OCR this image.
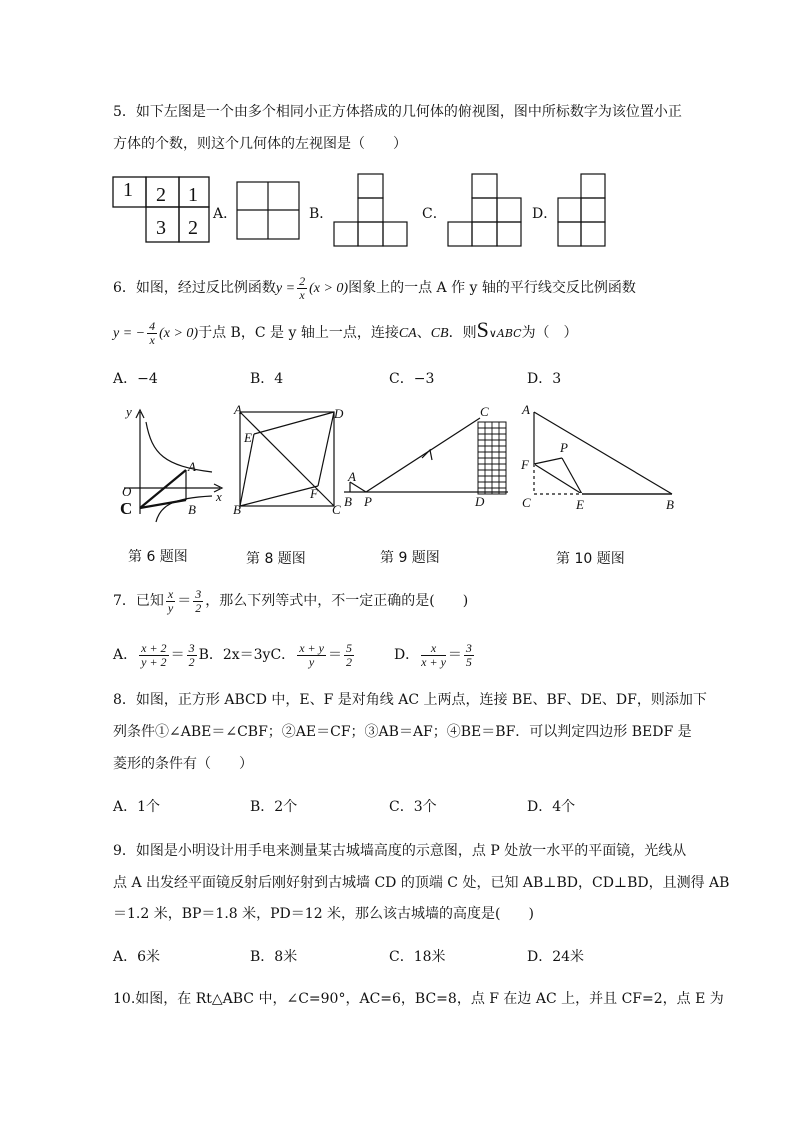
5．如下左图是一个由多个相同小正方体搭成的几何体的俯视图，图中所标数字为该位置小正
方体的个数，则这个几何体的左视图是（　　）
1 2 1
3 2
A．	B．	C．	D．
6．如图，经过反比例函数$y = \frac{2}{x} (x > 0)$图象上的一点 A 作 y 轴的平行线交反比例函数
y = − $\frac{4}{x} (x > 0)$于点 B，C 是 y 轴上一点，连接CA、CB．则S∨ABC为（　）
A．−4	B．4	C．−3	D．3
y
x
O
A
B
C
A	D
E
F
B	C
C
A
B P	D
A
P
F
C	E	B
第 6 题图	第 8 题图	第 9 题图	第 10 题图
7．已知 $\frac{x}{y} = \frac{3}{2}$ ，那么下列等式中，不一定正确的是(　　)
A． $\frac{x + 2}{y + 2} = \frac{3}{2}$ B．2x＝3yC． $\frac{x + y}{y} = \frac{5}{2}$	D． $\frac{x}{x + y} = \frac{3}{5}$
8．如图，正方形 ABCD 中，E、F 是对角线 AC 上两点，连接 BE、BF、DE、DF，则添加下
列条件①∠ABE＝∠CBF；②AE＝CF；③AB＝AF；④BE＝BF．可以判定四边形 BEDF 是
菱形的条件有（　　）
A．1个	B．2个	C．3个	D．4个
9．如图是小明设计用手电来测量某古城墙高度的示意图，点 P 处放一水平的平面镜，光线从
点 A 出发经平面镜反射后刚好射到古城墙 CD 的顶端 C 处，已知 AB⊥BD，CD⊥BD，且测得 AB
＝1.2 米，BP＝1.8 米，PD＝12 米，那么该古城墙的高度是(　　)
A．6米	B．8米	C．18米	D．24米
10.如图，在 Rt△ABC 中，∠C=90°，AC=6，BC=8，点 F 在边 AC 上，并且 CF=2，点 E 为
